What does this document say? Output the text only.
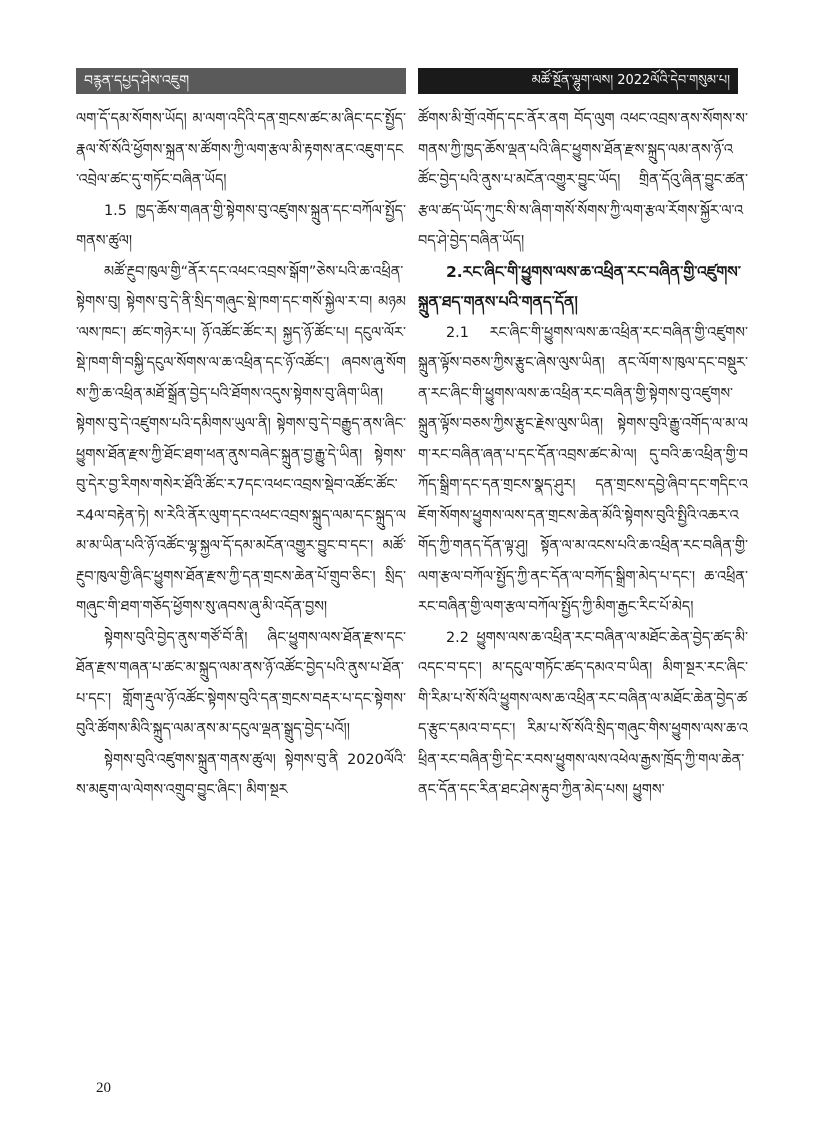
བརྙན་དཔྱད་ཤེས་འཇུག	མཚོ་སྔོན་ལྷུག་ལས། 2022ལོའི་དེབ་གསུམ་པ།

ལག་དོ་དམ་སོགས་ཡོད། མ་ལག་འདིའི་དན་གྲངས་ཚང་མ་ཞིང་དང་སྤྱོད་རྣལ་སོ་སོའི་ཕྱོགས་སྐྲན་ས་ཚོགས་ཀྱི་ལག་རྩལ་མི་རྟགས་ནང་འཇུག་དང་འབྲེལ་ཚང་དུ་གཏོང་བཞིན་ཡོད།

1.5 ཁྱད་ཆོས་གཞན་གྱི་སྟེགས་བུ་འཛུགས་སྐྲུན་དང་བཀོལ་སྤྱོད་གནས་ཚུལ།

མཚོ་རྔུབ་ཁུལ་གྱི“ནོར་དང་འཕང་འབྲས་སྒོག”ཅེས་པའི་ཆ་འཕྲིན་སྟེགས་བུ། སྟེགས་བུ་དེ་ནི་སྲིད་གཞུང་སྡེ་ཁག་དང་གསོ་སྐྱེལ་ར་བ། མཉམ་ལས་ཁང་། ཚང་གཉེར་པ། ཉོ་འཚོང་ཚོང་ར། སྐྱད་ཉོ་ཚོང་པ། དངུལ་ལོར་སྡེ་ཁག་གི་བསྐྱི་དངུལ་སོགས་ལ་ཆ་འཕྲིན་དང་ཉོ་འཚོང་། ཞབས་ཞུ་སོགས་ཀྱི་ཆ་འཕྲིན་མཐོ་སྒྲོན་བྱེད་པའི་ཐོགས་འདུས་སྟེགས་བུ་ཞིག་ཡིན། སྟེགས་བུ་དེ་འཛུགས་པའི་དམིགས་ཡུལ་ནི། སྟེགས་བུ་དེ་བརྒྱུད་ནས་ཞིང་ཕྱུགས་ཐོན་རྫས་ཀྱི་ཐོང་ཐག་ཕན་ནུས་བཞེང་སྐྲུན་བྱ་རྒྱུ་དེ་ཡིན། སྟེགས་བུ་དེར་བྱ་རིགས་གསེར་ཐོའི་ཚོང་ར7དང་འཕང་འབྲས་སྡེབ་འཚོང་ཚོང་ར4ལ་བརྟེན་ཏེ། ས་རེའི་ནོར་ལུག་དང་འཕང་འབྲས་སྐྲུད་ལམ་དང་སྐྲུད་ལམ་མ་ཡིན་པའི་ཉོ་འཚོང་ལྷ་སྐྱལ་དོ་དམ་མངོན་འགྱུར་བྱུང་བ་དང་། མཚོ་རྔུབ་ཁུལ་གྱི་ཞིང་ཕྱུགས་ཐོན་རྫས་ཀྱི་དན་གྲངས་ཆེན་པོ་གྲུབ་ཅིང་། སྲིད་གཞུང་གི་ཐག་གཅོད་ཕྱོགས་སུ་ཞབས་ཞུ་མི་འདོན་བྱས།

སྟེགས་བུའི་བྱེད་ནུས་གཙོ་བོ་ནི། ཞིང་ཕྱུགས་ལས་ཐོན་རྫས་དང་ཐོན་རྫས་གཞན་པ་ཚང་མ་སྐྲུད་ལམ་ནས་ཉོ་འཚོང་བྱེད་པའི་ནུས་པ་ཐོན་པ་དང་། གློག་རྡུལ་ཉོ་འཚོང་སྟེགས་བུའི་དན་གྲངས་བརྡར་པ་དང་སྟེགས་བུའི་ཚོགས་མིའི་སྐྲུད་ལམ་ནས་མ་དངུལ་ལྡན་སྒྲུད་བྱེད་པའོ།།

སྟེགས་བུའི་འཛུགས་སྐྲུན་གནས་ཚུལ། སྟེགས་བུ་ནི 2020ལོའི་ས་མཇུག་ལ་ལེགས་འགྲུབ་བྱུང་ཞིང་། མིག་སྔར

ཚོགས་མི་གྲོ་འགོད་དང་ནོར་ནག བོད་ལུག འཕང་འབྲས་ནས་སོགས་ས་གནས་ཀྱི་ཁྱད་ཆོས་ལྡན་པའི་ཞིང་ཕྱུགས་ཐོན་རྫས་སྐྲུད་ལམ་ནས་ཉོ་འཚོང་བྱེད་པའི་ནུས་པ་མངོན་འགྱུར་བྱུང་ཡོད། གྲིན་དོའུ་ཞིན་བྱུང་ཚན་རྩལ་ཚད་ཡོད་ཀུང་སི་ས་ཞིག་གསོ་སོགས་ཀྱི་ལག་རྩལ་རོགས་སྐྱོར་ལ་འབད་ཤེ་བྱེད་བཞིན་ཡོད།

2.རང་ཞིང་གི་ཕྱུགས་ལས་ཆ་འཕྲིན་རང་བཞིན་གྱི་འཛུགས་སྐྲུན་ཐད་གནས་པའི་གནད་དོན།

2.1 རང་ཞིང་གི་ཕྱུགས་ལས་ཆ་འཕྲིན་རང་བཞིན་གྱི་འཛུགས་སྐྲུན་ལྟོས་བཅས་ཀྱིས་རྩུང་ཞེས་ལུས་ཡིན། ནང་ལོག་ས་ཁུལ་དང་བསྡུར་ན་རང་ཞིང་གི་ཕྱུགས་ལས་ཆ་འཕྲིན་རང་བཞིན་གྱི་སྟེགས་བུ་འཛུགས་སྐྲུན་ལྟོས་བཅས་ཀྱིས་རྩུང་རྗེས་ལུས་ཡིན། སྟེགས་བུའི་རྒྱུ་འགོད་ལ་མ་ལག་རང་བཞིན་ཞན་པ་དང་དོན་འབྲས་ཚང་མེ་ལ། དུ་བའི་ཆ་འཕྲིན་གྱི་བཀོད་སྒྲིག་དང་དན་གྲངས་སྣད་ཤུར། དན་གྲངས་དབྱེ་ཞིབ་དང་གདིང་འཇོག་སོགས་ཕྱུགས་ལས་དན་གྲངས་ཆེན་མོའི་སྟེགས་བུའི་སྤྱིའི་འཆར་འགོད་ཀྱི་གནད་དོན་ལྟ་ཤུ། སྟོན་ལ་མ་འངས་པའི་ཆ་འཕྲིན་རང་བཞིན་གྱི་ལག་རྩལ་བཀོལ་སྤྱོད་ཀྱི་ནང་དོན་ལ་བཀོད་སྒྲིག་མེད་པ་དང་། ཆ་འཕྲིན་རང་བཞིན་གྱི་ལག་རྩལ་བཀོལ་སྤྱོད་ཀྱི་མིག་རྒྱང་རིང་པོ་མེད།

2.2 ཕྱུགས་ལས་ཆ་འཕྲིན་རང་བཞིན་ལ་མཐོང་ཆེན་བྱེད་ཚད་མི་འདང་བ་དང་། མ་དངུལ་གཏོང་ཚད་དམའ་བ་ཡིན། མིག་སྔར་རང་ཞིང་གི་རིམ་པ་སོ་སོའི་ཕྱུགས་ལས་ཆ་འཕྲིན་རང་བཞིན་ལ་མཐོང་ཆེན་བྱེད་ཚད་རྩུང་དམའ་བ་དང་། རིམ་པ་སོ་སོའི་སྲིད་གཞུང་གིས་ཕྱུགས་ལས་ཆ་འཕྲིན་རང་བཞིན་གྱི་དེང་རབས་ཕྱུགས་ལས་འཕེལ་རྒྱས་ཁྲོད་ཀྱི་གལ་ཆེན་ནང་དོན་དང་རིན་ཐང་ཤེས་རྟུབ་ཀྱིན་མེད་པས། ཕྱུགས་

20
